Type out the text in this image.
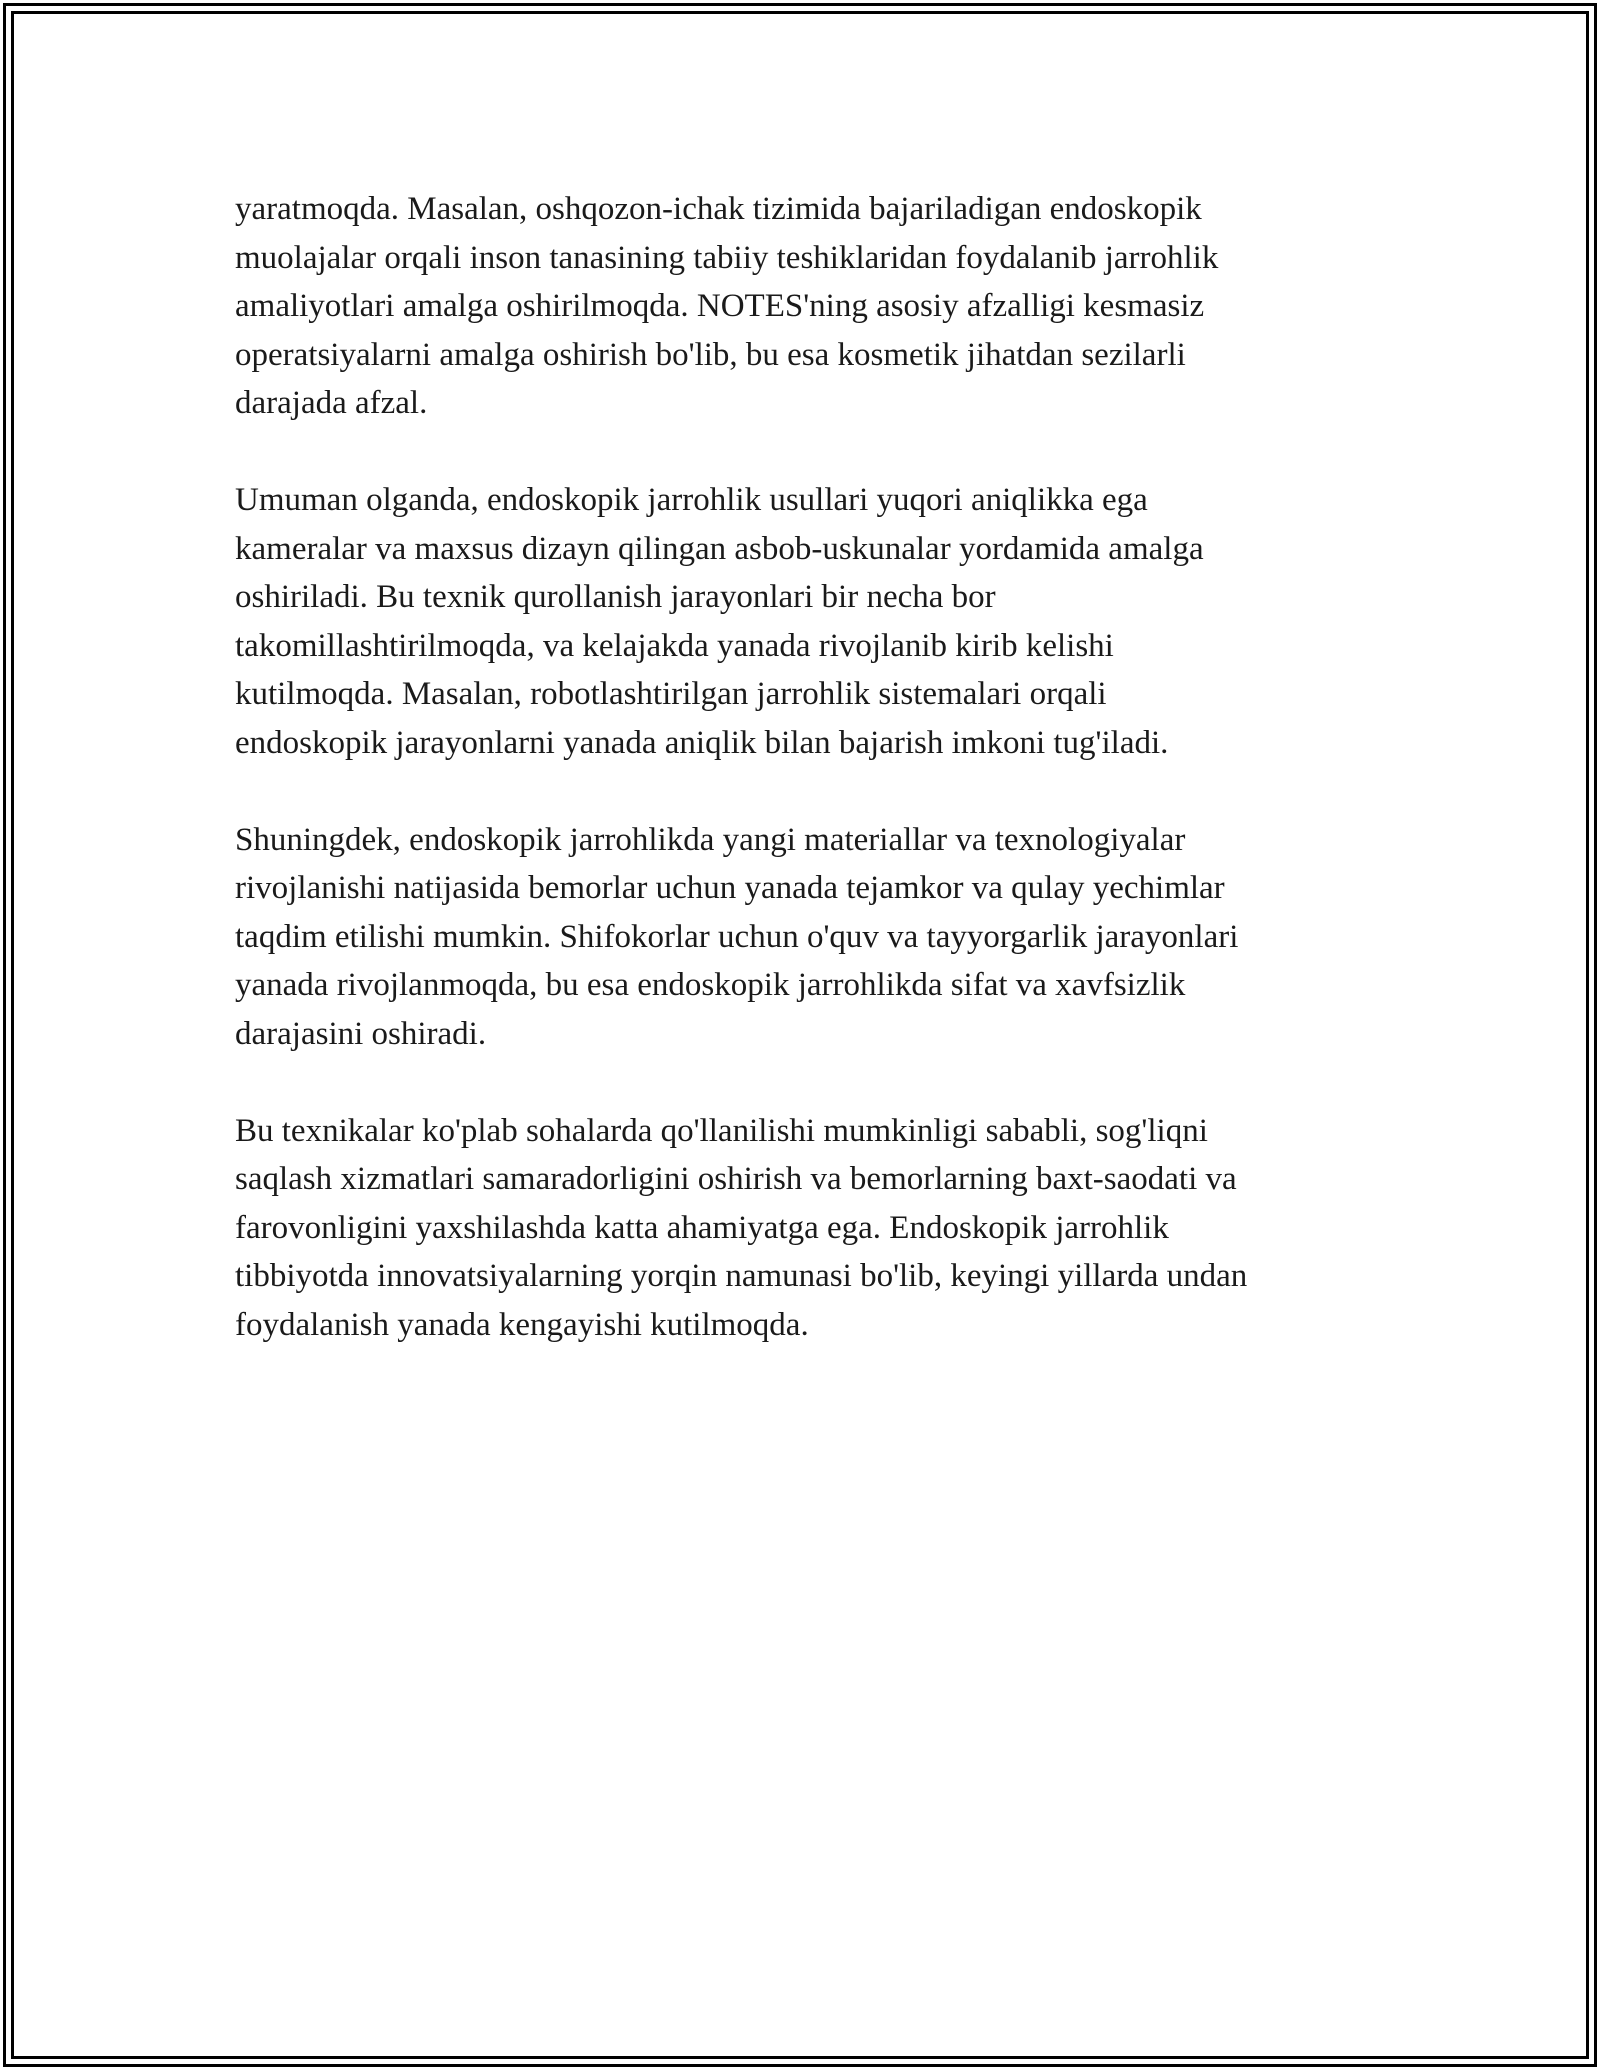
yaratmoqda. Masalan, oshqozon-ichak tizimida bajariladigan endoskopik
muolajalar orqali inson tanasining tabiiy teshiklaridan foydalanib jarrohlik
amaliyotlari amalga oshirilmoqda. NOTES'ning asosiy afzalligi kesmasiz
operatsiyalarni amalga oshirish bo'lib, bu esa kosmetik jihatdan sezilarli
darajada afzal.

Umuman olganda, endoskopik jarrohlik usullari yuqori aniqlikka ega
kameralar va maxsus dizayn qilingan asbob-uskunalar yordamida amalga
oshiriladi. Bu texnik qurollanish jarayonlari bir necha bor
takomillashtirilmoqda, va kelajakda yanada rivojlanib kirib kelishi
kutilmoqda. Masalan, robotlashtirilgan jarrohlik sistemalari orqali
endoskopik jarayonlarni yanada aniqlik bilan bajarish imkoni tug'iladi.

Shuningdek, endoskopik jarrohlikda yangi materiallar va texnologiyalar
rivojlanishi natijasida bemorlar uchun yanada tejamkor va qulay yechimlar
taqdim etilishi mumkin. Shifokorlar uchun o'quv va tayyorgarlik jarayonlari
yanada rivojlanmoqda, bu esa endoskopik jarrohlikda sifat va xavfsizlik
darajasini oshiradi.

Bu texnikalar ko'plab sohalarda qo'llanilishi mumkinligi sababli, sog'liqni
saqlash xizmatlari samaradorligini oshirish va bemorlarning baxt-saodati va
farovonligini yaxshilashda katta ahamiyatga ega. Endoskopik jarrohlik
tibbiyotda innovatsiyalarning yorqin namunasi bo'lib, keyingi yillarda undan
foydalanish yanada kengayishi kutilmoqda.
